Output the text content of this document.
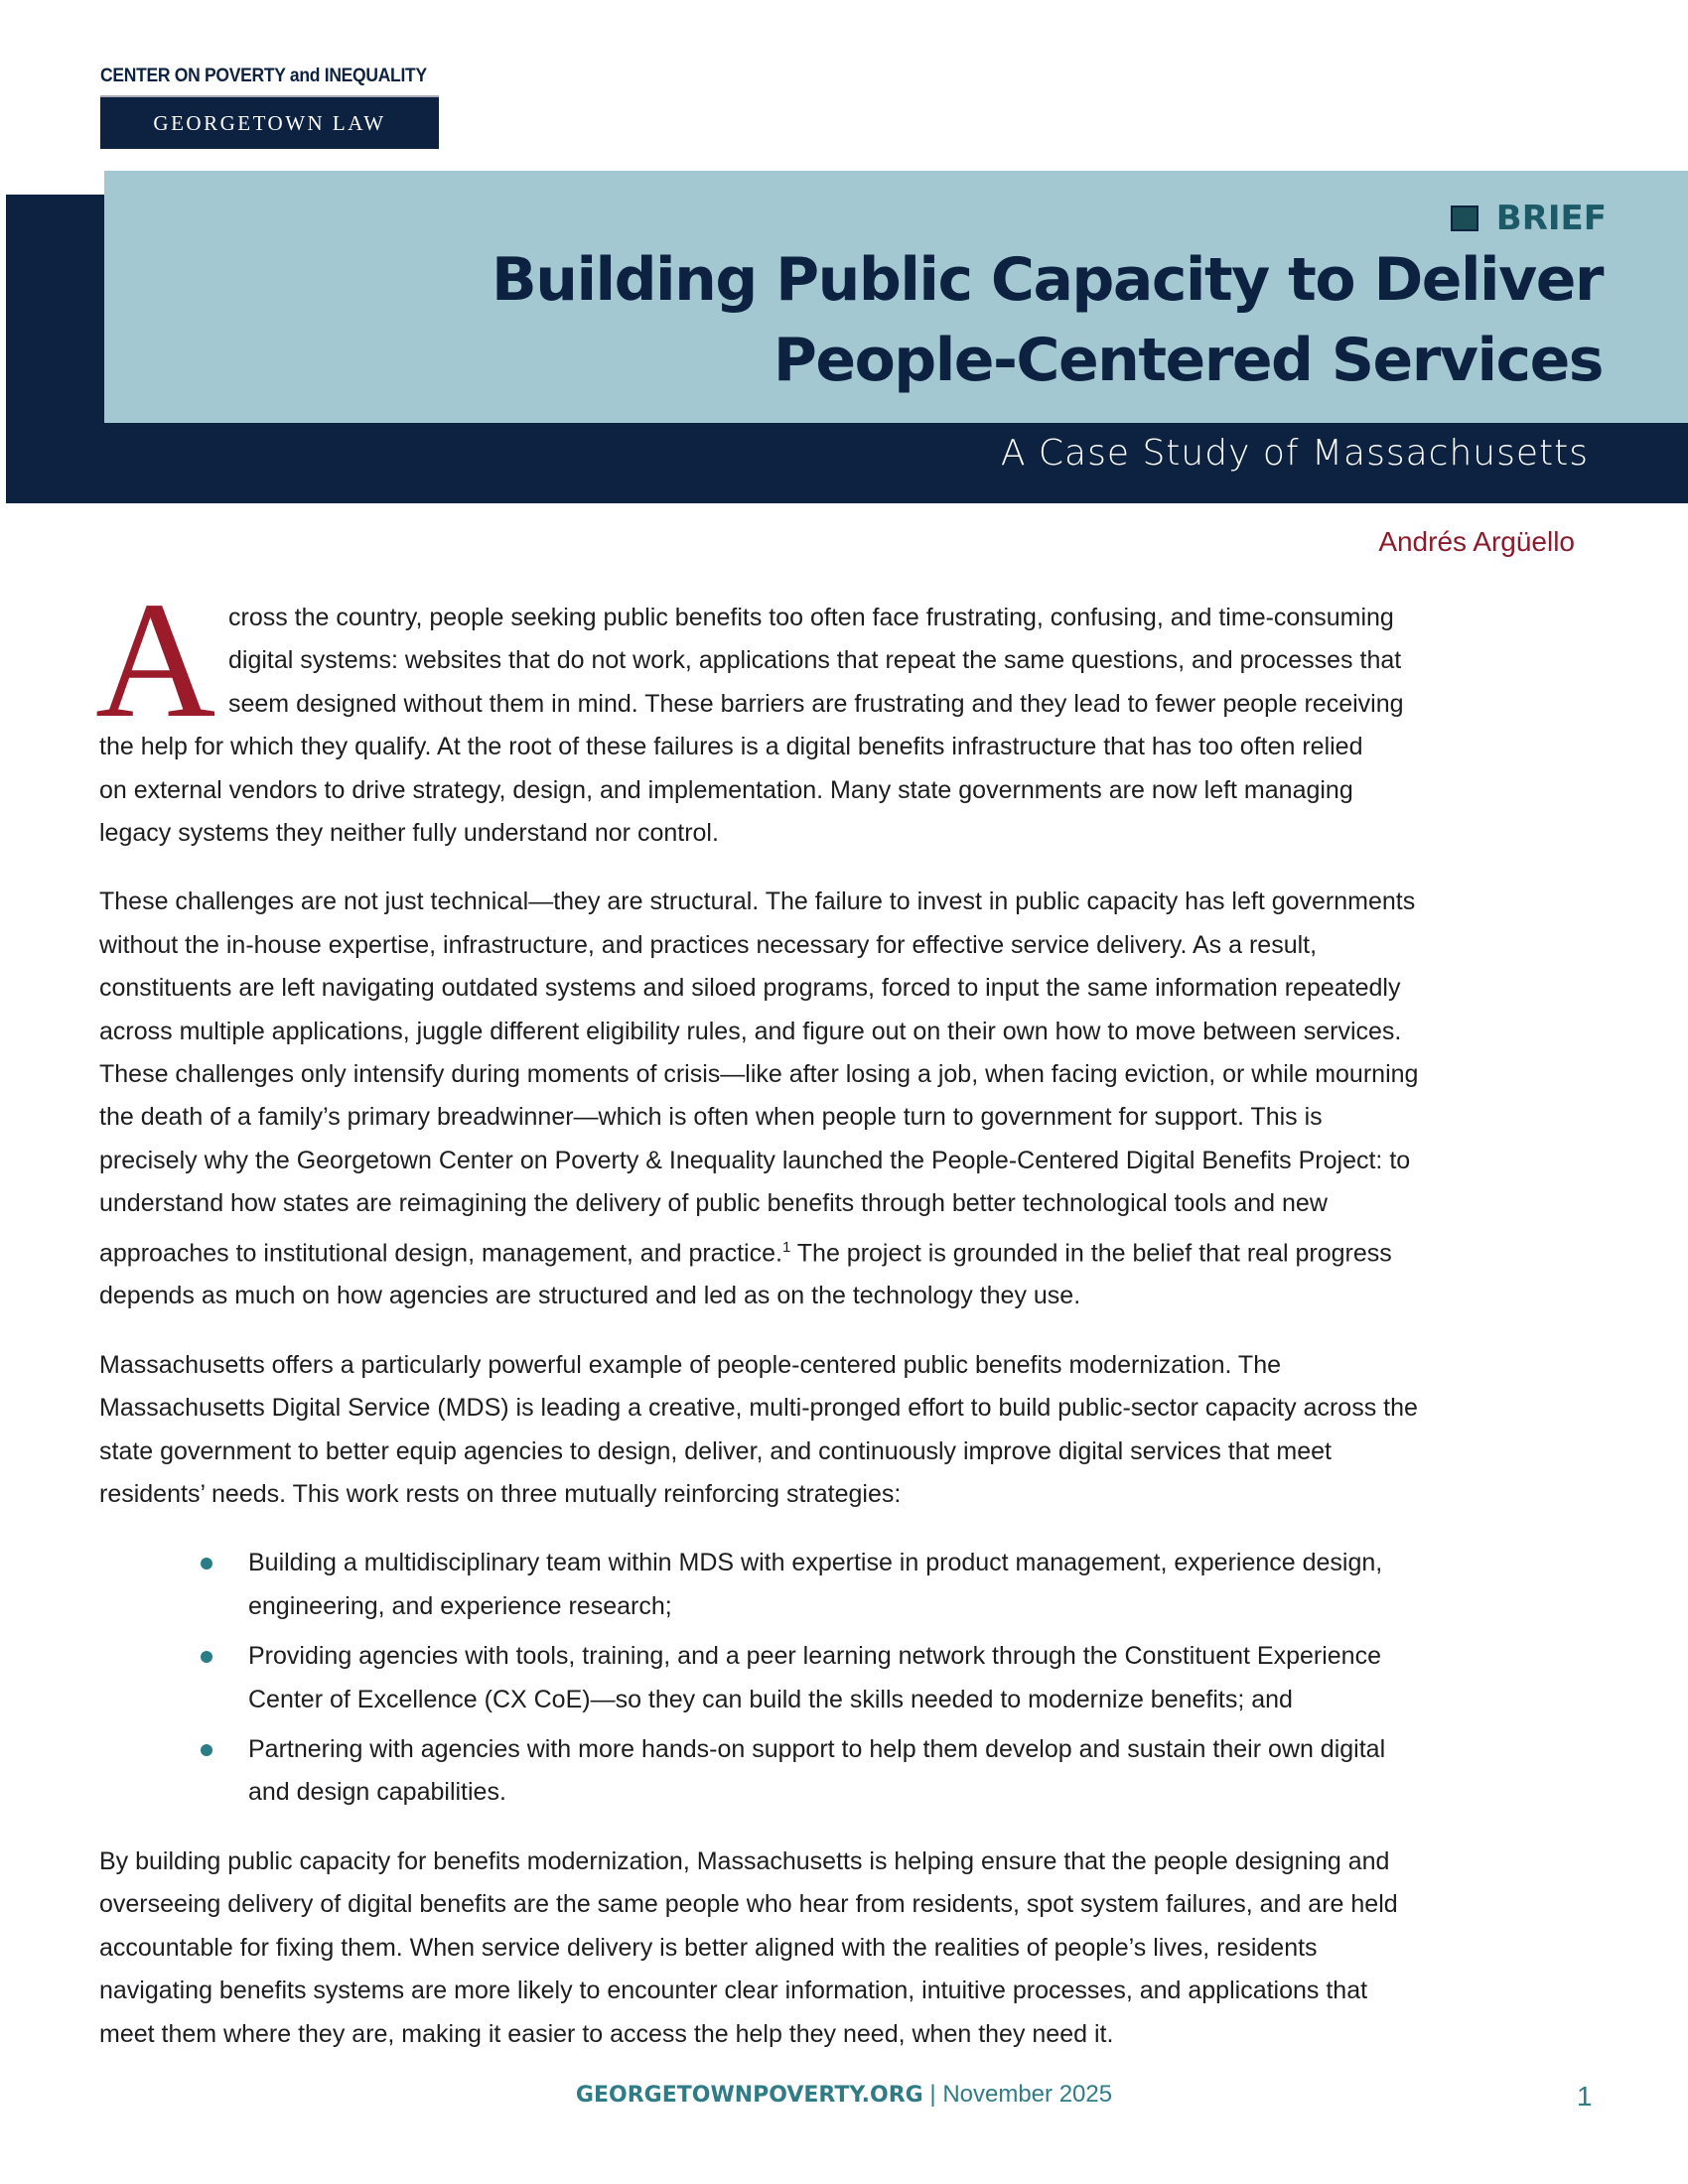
CENTER ON POVERTY and INEQUALITY
GEORGETOWN LAW
BRIEF
Building Public Capacity to Deliver
People-Centered Services
A Case Study of Massachusetts
Andrés Argüello
A cross the country, people seeking public benefits too often face frustrating, confusing, and time-consuming
digital systems: websites that do not work, applications that repeat the same questions, and processes that
seem designed without them in mind. These barriers are frustrating and they lead to fewer people receiving
the help for which they qualify. At the root of these failures is a digital benefits infrastructure that has too often relied
on external vendors to drive strategy, design, and implementation. Many state governments are now left managing
legacy systems they neither fully understand nor control.
These challenges are not just technical—they are structural. The failure to invest in public capacity has left governments
without the in-house expertise, infrastructure, and practices necessary for effective service delivery. As a result,
constituents are left navigating outdated systems and siloed programs, forced to input the same information repeatedly
across multiple applications, juggle different eligibility rules, and figure out on their own how to move between services.
These challenges only intensify during moments of crisis—like after losing a job, when facing eviction, or while mourning
the death of a family’s primary breadwinner—which is often when people turn to government for support. This is
precisely why the Georgetown Center on Poverty & Inequality launched the People-Centered Digital Benefits Project: to
understand how states are reimagining the delivery of public benefits through better technological tools and new
approaches to institutional design, management, and practice.$^1$ The project is grounded in the belief that real progress
depends as much on how agencies are structured and led as on the technology they use.
Massachusetts offers a particularly powerful example of people-centered public benefits modernization. The
Massachusetts Digital Service (MDS) is leading a creative, multi-pronged effort to build public-sector capacity across the
state government to better equip agencies to design, deliver, and continuously improve digital services that meet
residents’ needs. This work rests on three mutually reinforcing strategies:
Building a multidisciplinary team within MDS with expertise in product management, experience design,
engineering, and experience research;
Providing agencies with tools, training, and a peer learning network through the Constituent Experience
Center of Excellence (CX CoE)—so they can build the skills needed to modernize benefits; and
Partnering with agencies with more hands-on support to help them develop and sustain their own digital
and design capabilities.
By building public capacity for benefits modernization, Massachusetts is helping ensure that the people designing and
overseeing delivery of digital benefits are the same people who hear from residents, spot system failures, and are held
accountable for fixing them. When service delivery is better aligned with the realities of people’s lives, residents
navigating benefits systems are more likely to encounter clear information, intuitive processes, and applications that
meet them where they are, making it easier to access the help they need, when they need it.
GEORGETOWNPOVERTY.ORG | November 2025	1
